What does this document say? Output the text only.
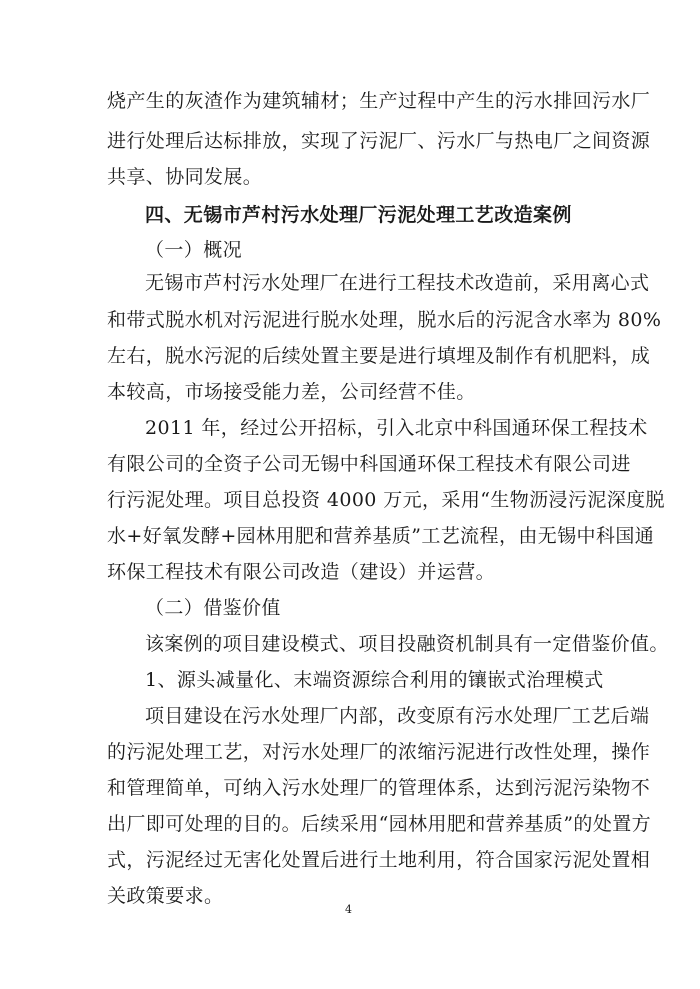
烧产生的灰渣作为建筑辅材；生产过程中产生的污水排回污水厂
进行处理后达标排放，实现了污泥厂、污水厂与热电厂之间资源
共享、协同发展。
四、无锡市芦村污水处理厂污泥处理工艺改造案例
（一）概况
无锡市芦村污水处理厂在进行工程技术改造前，采用离心式
和带式脱水机对污泥进行脱水处理，脱水后的污泥含水率为 80%
左右，脱水污泥的后续处置主要是进行填埋及制作有机肥料，成
本较高，市场接受能力差，公司经营不佳。
2011 年，经过公开招标，引入北京中科国通环保工程技术
有限公司的全资子公司无锡中科国通环保工程技术有限公司进
行污泥处理。项目总投资 4000 万元，采用“生物沥浸污泥深度脱
水+好氧发酵+园林用肥和营养基质”工艺流程，由无锡中科国通
环保工程技术有限公司改造（建设）并运营。
（二）借鉴价值
该案例的项目建设模式、项目投融资机制具有一定借鉴价值。
1、源头减量化、末端资源综合利用的镶嵌式治理模式
项目建设在污水处理厂内部，改变原有污水处理厂工艺后端
的污泥处理工艺，对污水处理厂的浓缩污泥进行改性处理，操作
和管理简单，可纳入污水处理厂的管理体系，达到污泥污染物不
出厂即可处理的目的。后续采用“园林用肥和营养基质”的处置方
式，污泥经过无害化处置后进行土地利用，符合国家污泥处置相
关政策要求。
4
